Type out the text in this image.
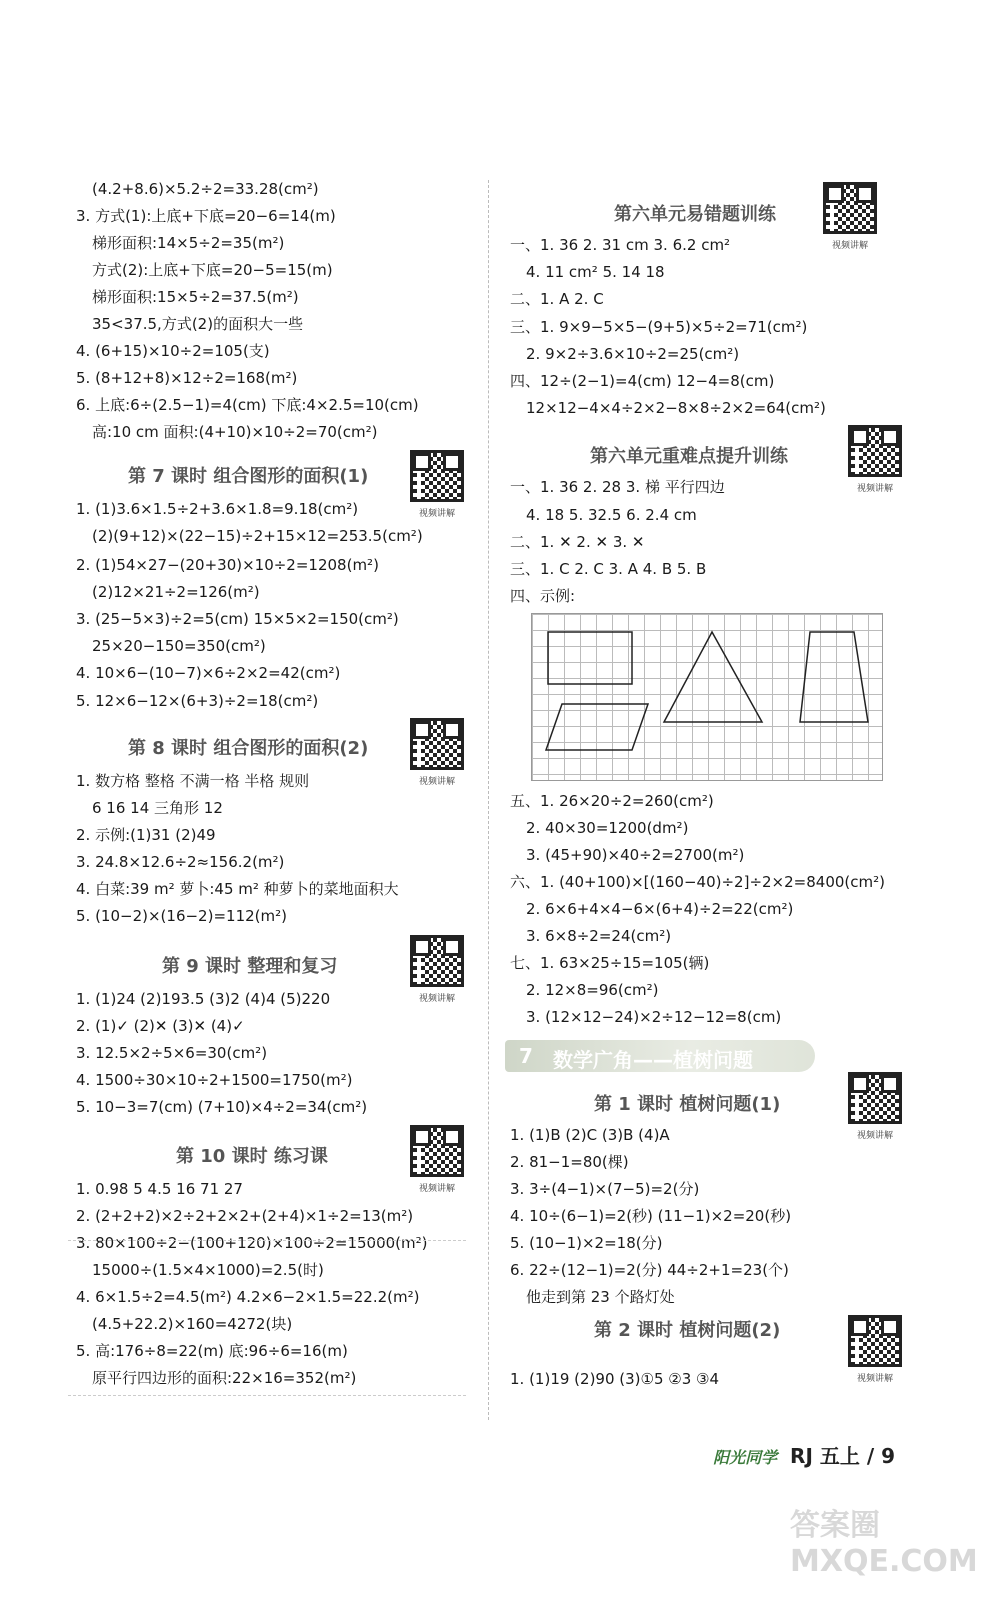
(4.2+8.6)×5.2÷2=33.28(cm²)
3. 方式(1):上底+下底=20−6=14(m)
梯形面积:14×5÷2=35(m²)
方式(2):上底+下底=20−5=15(m)
梯形面积:15×5÷2=37.5(m²)
35<37.5,方式(2)的面积大一些
4. (6+15)×10÷2=105(支)
5. (8+12+8)×12÷2=168(m²)
6. 上底:6÷(2.5−1)=4(cm) 下底:4×2.5=10(cm)
高:10 cm 面积:(4+10)×10÷2=70(cm²)
1. (1)3.6×1.5÷2+3.6×1.8=9.18(cm²)
(2)(9+12)×(22−15)÷2+15×12=253.5(cm²)
2. (1)54×27−(20+30)×10÷2=1208(m²)
(2)12×21÷2=126(m²)
3. (25−5×3)÷2=5(cm) 15×5×2=150(cm²)
25×20−150=350(cm²)
4. 10×6−(10−7)×6÷2×2=42(cm²)
5. 12×6−12×(6+3)÷2=18(cm²)
1. 数方格 整格 不满一格 半格 规则
6 16 14 三角形 12
2. 示例:(1)31 (2)49
3. 24.8×12.6÷2≈156.2(m²)
4. 白菜:39 m² 萝卜:45 m² 种萝卜的菜地面积大
5. (10−2)×(16−2)=112(m²)
1. (1)24 (2)193.5 (3)2 (4)4 (5)220
2. (1)✓ (2)✕ (3)✕ (4)✓
3. 12.5×2÷5×6=30(cm²)
4. 1500÷30×10÷2+1500=1750(m²)
5. 10−3=7(cm) (7+10)×4÷2=34(cm²)
1. 0.98 5 4.5 16 71 27
2. (2+2+2)×2÷2+2×2+(2+4)×1÷2=13(m²)
3. 80×100÷2−(100+120)×100÷2=15000(m²)
15000÷(1.5×4×1000)=2.5(时)
4. 6×1.5÷2=4.5(m²) 4.2×6−2×1.5=22.2(m²)
(4.5+22.2)×160=4272(块)
5. 高:176÷8=22(m) 底:96÷6=16(m)
原平行四边形的面积:22×16=352(m²)
第 7 课时 组合图形的面积(1)
第 8 课时 组合图形的面积(2)
第 9 课时 整理和复习
第 10 课时 练习课
一、1. 36 2. 31 cm 3. 6.2 cm²
4. 11 cm² 5. 14 18
二、1. A 2. C
三、1. 9×9−5×5−(9+5)×5÷2=71(cm²)
2. 9×2÷3.6×10÷2=25(cm²)
四、12÷(2−1)=4(cm) 12−4=8(cm)
12×12−4×4÷2×2−8×8÷2×2=64(cm²)
一、1. 36 2. 28 3. 梯 平行四边
4. 18 5. 32.5 6. 2.4 cm
二、1. ✕ 2. ✕ 3. ✕
三、1. C 2. C 3. A 4. B 5. B
四、示例:
五、1. 26×20÷2=260(cm²)
2. 40×30=1200(dm²)
3. (45+90)×40÷2=2700(m²)
六、1. (40+100)×[(160−40)÷2]÷2×2=8400(cm²)
2. 6×6+4×4−6×(6+4)÷2=22(cm²)
3. 6×8÷2=24(cm²)
七、1. 63×25÷15=105(辆)
2. 12×8=96(cm²)
3. (12×12−24)×2÷12−12=8(cm)
1. (1)B (2)C (3)B (4)A
2. 81−1=80(棵)
3. 3÷(4−1)×(7−5)=2(分)
4. 10÷(6−1)=2(秒) (11−1)×2=20(秒)
5. (10−1)×2=18(分)
6. 22÷(12−1)=2(分) 44÷2+1=23(个)
他走到第 23 个路灯处
1. (1)19 (2)90 (3)①5 ②3 ③4
第六单元易错题训练
第六单元重难点提升训练
第 1 课时 植树问题(1)
第 2 课时 植树问题(2)
视频讲解
视频讲解
视频讲解
视频讲解
视频讲解
视频讲解
视频讲解
视频讲解
7 数学广角——植树问题
阳光同学 RJ 五上 / 9
答案圈 MXQE.COM
